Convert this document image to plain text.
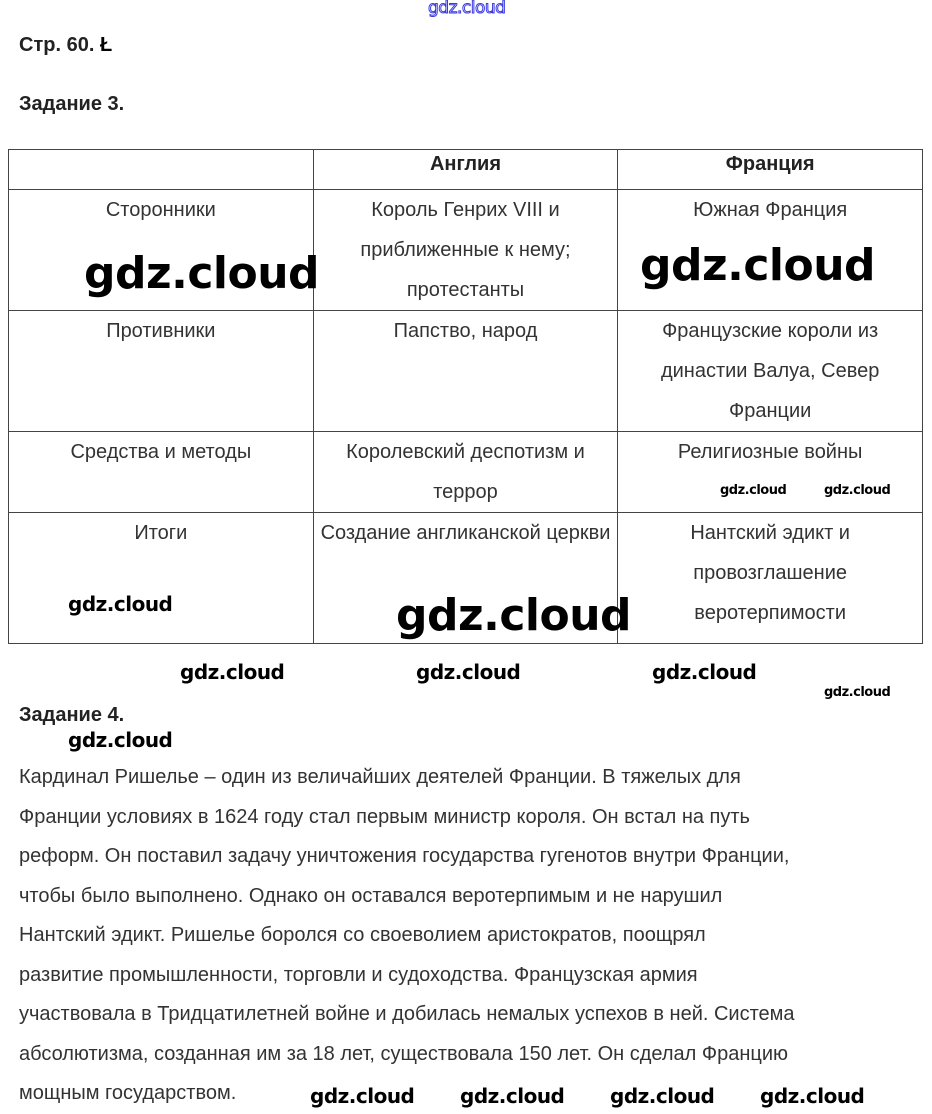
Стр. 60. Ł
Задание 3.
	Англия	Франция
Сторонники	Король Генрих VIII и приближенные к нему; протестанты	Южная Франция
Противники	Папство, народ	Французские короли из династии Валуа, Север Франции
Средства и методы	Королевский деспотизм и террор	Религиозные войны
Итоги	Создание англиканской церкви	Нантский эдикт и провозглашение веротерпимости
Задание 4.
Кардинал Ришелье – один из величайших деятелей Франции. В тяжелых для
Франции условиях в 1624 году стал первым министр короля. Он встал на путь
реформ. Он поставил задачу уничтожения государства гугенотов внутри Франции,
чтобы было выполнено. Однако он оставался веротерпимым и не нарушил
Нантский эдикт. Ришелье боролся со своеволием аристократов, поощрял
развитие промышленности, торговли и судоходства. Французская армия
участвовала в Тридцатилетней войне и добилась немалых успехов в ней. Система
абсолютизма, созданная им за 18 лет, существовала 150 лет. Он сделал Францию
мощным государством.
gdz.cloud
gdz.cloud	gdz.cloud
gdz.cloud
gdz.cloud
gdz.cloud
gdz.cloud
gdz.cloud
gdz.cloud
gdz.cloud	gdz.cloud	gdz.cloud
gdz.cloud gdz.cloud gdz.cloud gdz.cloud
